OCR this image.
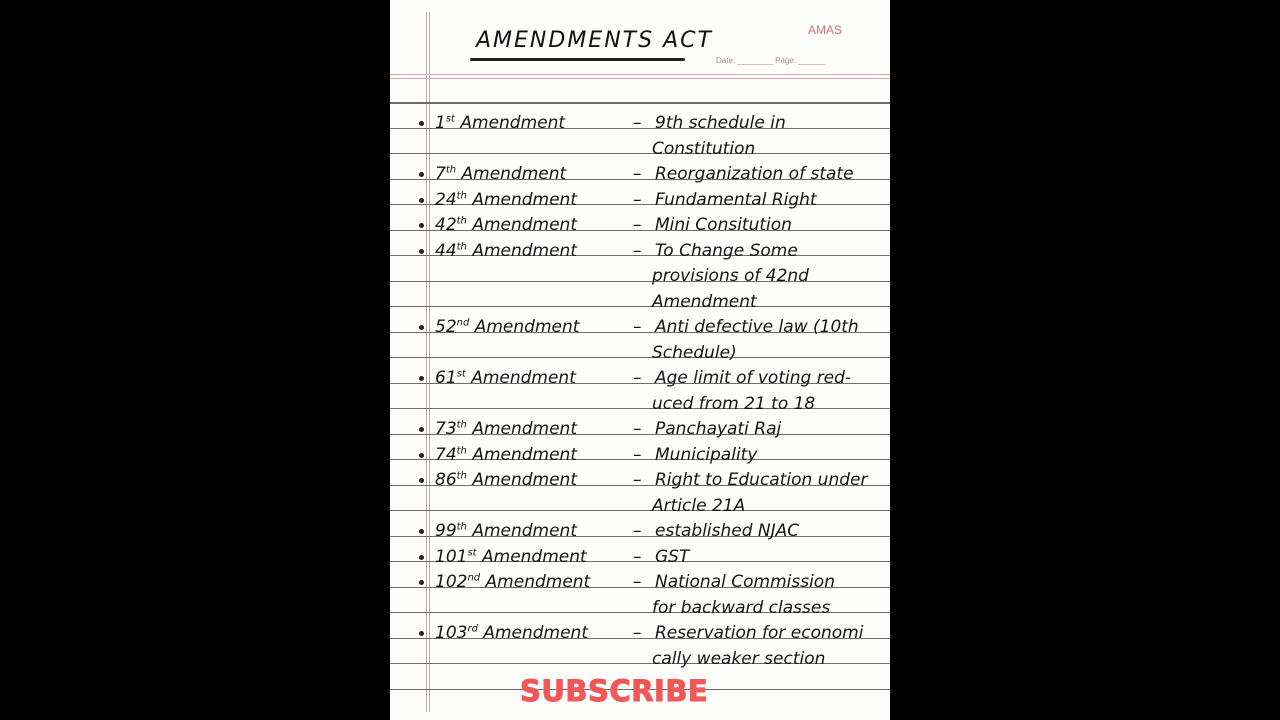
AMENDMENTS ACT	AMAS
Date: ________ Page: ______
1st Amendment	– 9th schedule in
Constitution
7th Amendment	– Reorganization of state
24th Amendment	– Fundamental Right
42th Amendment	– Mini Consitution
44th Amendment	– To Change Some
provisions of 42nd
Amendment
52nd Amendment	– Anti defective law (10th
Schedule)
61st Amendment	– Age limit of voting red-
uced from 21 to 18
73th Amendment	– Panchayati Raj
74th Amendment	– Municipality
86th Amendment	– Right to Education under
Article 21A
99th Amendment	– established NJAC
101st Amendment	– GST
102nd Amendment	– National Commission
for backward classes
103rd Amendment	– Reservation for economi
cally weaker section
SUBSCRIBE
